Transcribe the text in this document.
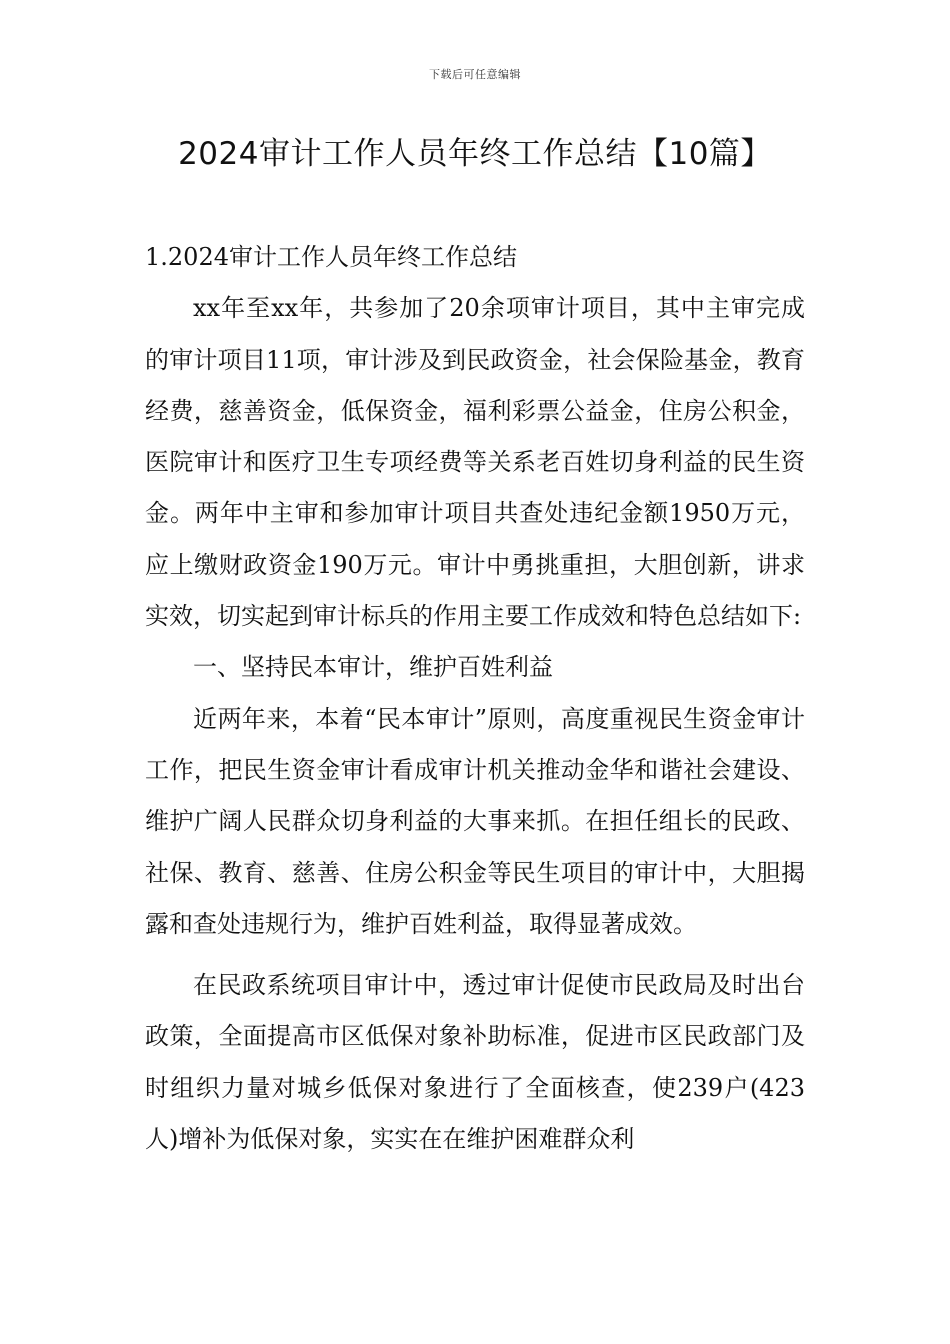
下载后可任意编辑
2024审计工作人员年终工作总结【10篇】

1.2024审计工作人员年终工作总结

xx年至xx年，共参加了20余项审计项目，其中主审完成的审计项目11项，审计涉及到民政资金，社会保险基金，教育经费，慈善资金，低保资金，福利彩票公益金，住房公积金，医院审计和医疗卫生专项经费等关系老百姓切身利益的民生资金。两年中主审和参加审计项目共查处违纪金额1950万元，应上缴财政资金190万元。审计中勇挑重担，大胆创新，讲求实效，切实起到审计标兵的作用主要工作成效和特色总结如下:

一、坚持民本审计，维护百姓利益

近两年来，本着“民本审计”原则，高度重视民生资金审计工作，把民生资金审计看成审计机关推动金华和谐社会建设、维护广阔人民群众切身利益的大事来抓。在担任组长的民政、社保、教育、慈善、住房公积金等民生项目的审计中，大胆揭露和查处违规行为，维护百姓利益，取得显著成效。

在民政系统项目审计中，透过审计促使市民政局及时出台政策，全面提高市区低保对象补助标准，促进市区民政部门及时组织力量对城乡低保对象进行了全面核查，使239户(423人)增补为低保对象，实实在在维护困难群众利
